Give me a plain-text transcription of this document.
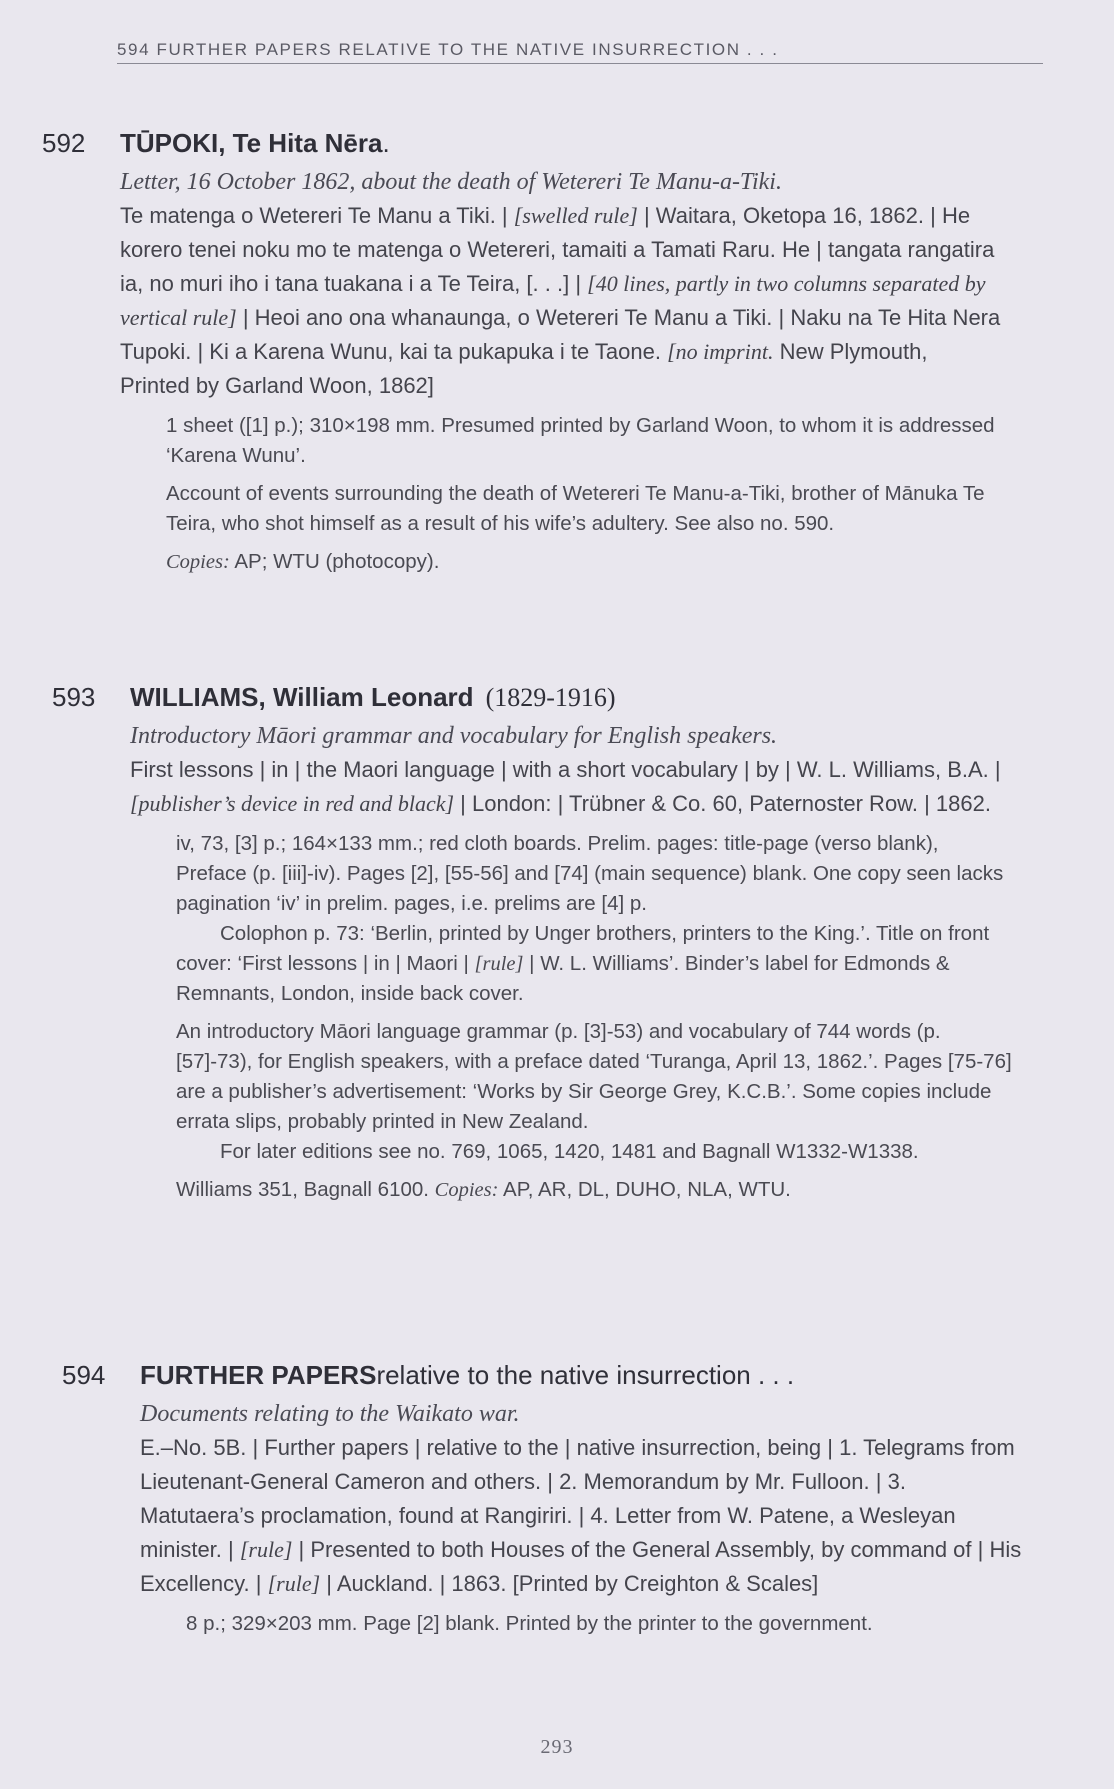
594 FURTHER PAPERS RELATIVE TO THE NATIVE INSURRECTION . . .
592	TŪPOKI, Te Hita Nēra .
Letter, 16 October 1862, about the death of Wetereri Te Manu-a-Tiki.
Te matenga o Wetereri Te Manu a Tiki. | [swelled rule] | Waitara, Oketopa 16, 1862. | He korero tenei noku mo te matenga o Wetereri, tamaiti a Tamati Raru. He | tangata rangatira ia, no muri iho i tana tuakana i a Te Teira, [. . .] | [40 lines, partly in two columns separated by vertical rule] | Heoi ano ona whanaunga, o Wetereri Te Manu a Tiki. | Naku na Te Hita Nera Tupoki. | Ki a Karena Wunu, kai ta pukapuka i te Taone. [no imprint. New Plymouth, Printed by Garland Woon, 1862]
1 sheet ([1] p.); 310×198 mm. Presumed printed by Garland Woon, to whom it is addressed ‘Karena Wunu’.
Account of events surrounding the death of Wetereri Te Manu-a-Tiki, brother of Mānuka Te Teira, who shot himself as a result of his wife’s adultery. See also no. 590.
Copies: AP; WTU (photocopy).
593	WILLIAMS, William Leonard (1829-1916)
Introductory Māori grammar and vocabulary for English speakers.
First lessons | in | the Maori language | with a short vocabulary | by | W. L. Williams, B.A. | [publisher’s device in red and black] | London: | Trübner & Co. 60, Paternoster Row. | 1862.
iv, 73, [3] p.; 164×133 mm.; red cloth boards. Prelim. pages: title-page (verso blank), Preface (p. [iii]-iv). Pages [2], [55-56] and [74] (main sequence) blank. One copy seen lacks pagination ‘iv’ in prelim. pages, i.e. prelims are [4] p.
Colophon p. 73: ‘Berlin, printed by Unger brothers, printers to the King.’. Title on front cover: ‘First lessons | in | Maori | [rule] | W. L. Williams’. Binder’s label for Edmonds & Remnants, London, inside back cover.
An introductory Māori language grammar (p. [3]-53) and vocabulary of 744 words (p. [57]-73), for English speakers, with a preface dated ‘Turanga, April 13, 1862.’. Pages [75-76] are a publisher’s advertisement: ‘Works by Sir George Grey, K.C.B.’. Some copies include errata slips, probably printed in New Zealand.
For later editions see no. 769, 1065, 1420, 1481 and Bagnall W1332-W1338.
Williams 351, Bagnall 6100. Copies: AP, AR, DL, DUHO, NLA, WTU.
594	FURTHER PAPERS relative to the native insurrection . . .
Documents relating to the Waikato war.
E.–No. 5B. | Further papers | relative to the | native insurrection, being | 1. Telegrams from Lieutenant-General Cameron and others. | 2. Memorandum by Mr. Fulloon. | 3. Matutaera’s proclamation, found at Rangiriri. | 4. Letter from W. Patene, a Wesleyan minister. | [rule] | Presented to both Houses of the General Assembly, by command of | His Excellency. | [rule] | Auckland. | 1863. [Printed by Creighton & Scales]
8 p.; 329×203 mm. Page [2] blank. Printed by the printer to the government.
293
